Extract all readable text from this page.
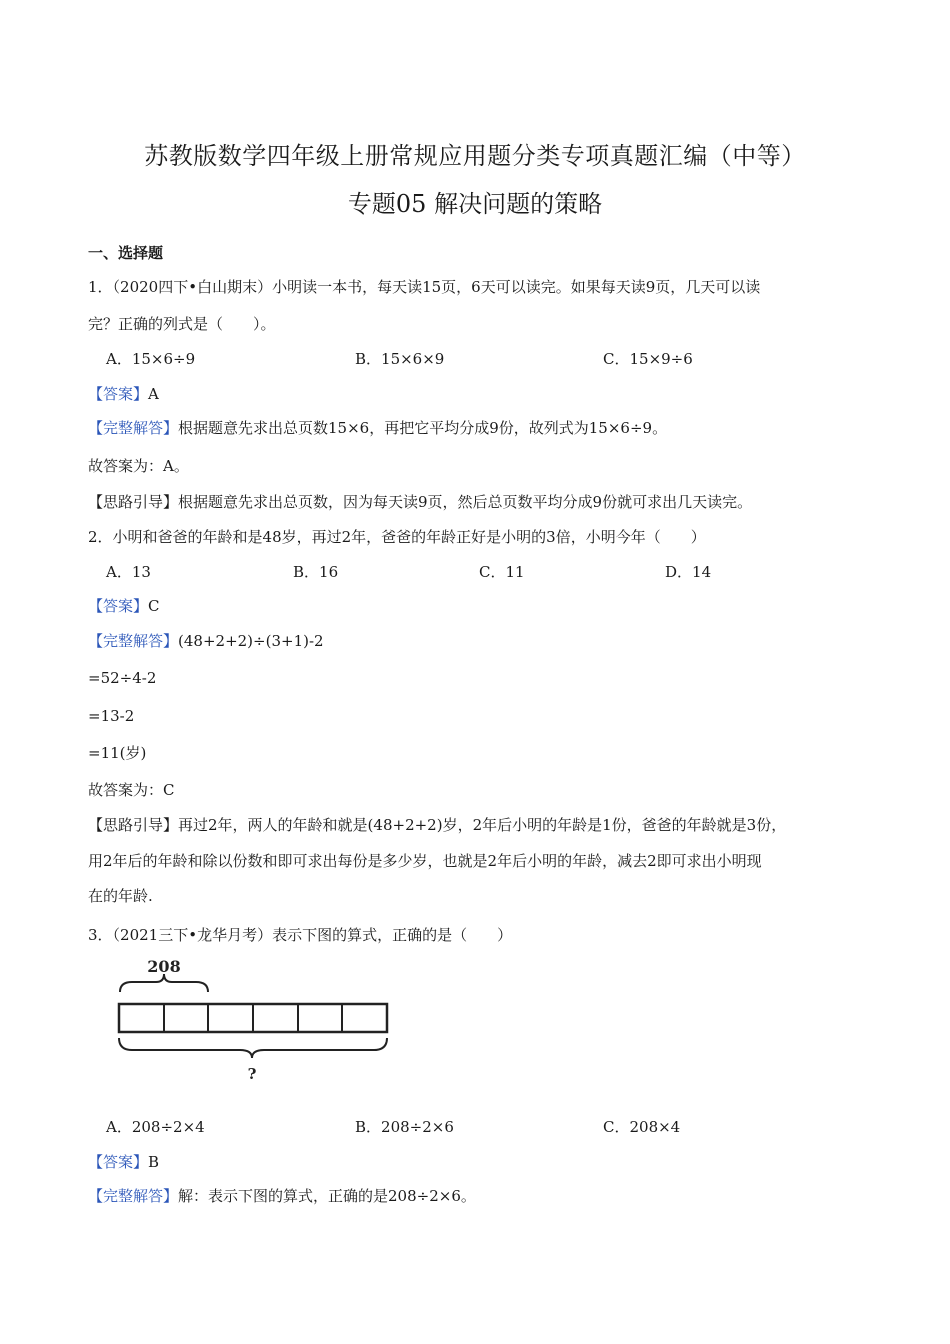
苏教版数学四年级上册常规应用题分类专项真题汇编（中等）
专题05 解决问题的策略
一、选择题
1．（2020四下•白山期末）小明读一本书，每天读15页，6天可以读完。如果每天读9页，几天可以读
完？正确的列式是（　　）。
A．15×6÷9	B．15×6×9	C．15×9÷6
【答案】A
【完整解答】根据题意先求出总页数15×6，再把它平均分成9份，故列式为15×6÷9。
故答案为：A。
【思路引导】根据题意先求出总页数，因为每天读9页，然后总页数平均分成9份就可求出几天读完。
2．小明和爸爸的年龄和是48岁，再过2年，爸爸的年龄正好是小明的3倍，小明今年（　　）
A．13	B．16	C．11	D．14
【答案】C
【完整解答】(48+2+2)÷(3+1)-2
=52÷4-2
=13-2
=11(岁)
故答案为：C
【思路引导】再过2年，两人的年龄和就是(48+2+2)岁，2年后小明的年龄是1份，爸爸的年龄就是3份，
用2年后的年龄和除以份数和即可求出每份是多少岁，也就是2年后小明的年龄，减去2即可求出小明现
在的年龄.
3．（2021三下•龙华月考）表示下图的算式，正确的是（　　）
208
?
A．208÷2×4	B．208÷2×6	C．208×4
【答案】B
【完整解答】解：表示下图的算式，正确的是208÷2×6。
